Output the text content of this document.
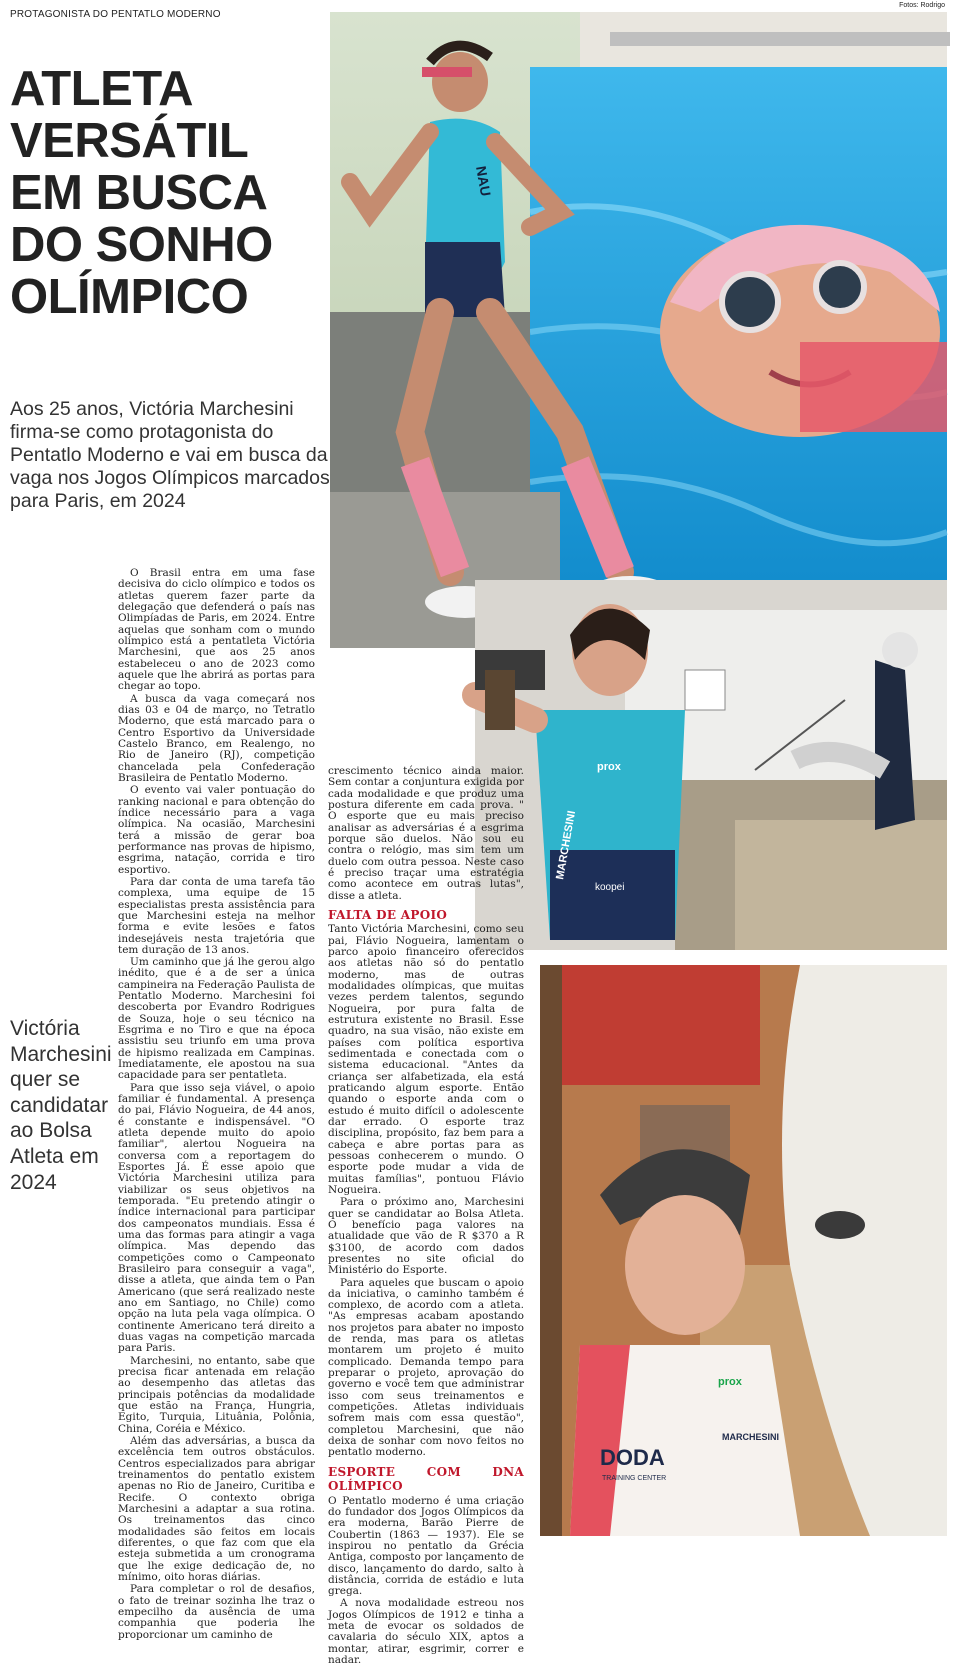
PROTAGONISTA DO PENTATLO MODERNO
Fotos: Rodrigo
ATLETA
VERSÁTIL
EM BUSCA
DO SONHO
OLÍMPICO
Aos 25 anos, Victória Marchesini firma-se como protagonista do Pentatlo Moderno e vai em busca da vaga nos Jogos Olímpicos marcados para Paris, em 2024
NAU
MARCHESINI
prox
koopei
DODA
TRAINING CENTER
prox
MARCHESINI
Victória Marchesini quer se candidatar ao Bolsa Atleta em 2024

O Brasil entra em uma fase decisiva do ciclo olímpico e todos os atletas querem fazer parte da delegação que defenderá o país nas Olimpíadas de Paris, em 2024. Entre aquelas que sonham com o mundo olímpico está a pentatleta Victória Marchesini, que aos 25 anos estabeleceu o ano de 2023 como aquele que lhe abrirá as portas para chegar ao topo.

A busca da vaga começará nos dias 03 e 04 de março, no Tetratlo Moderno, que está marcado para o Centro Esportivo da Universidade Castelo Branco, em Realengo, no Rio de Janeiro (RJ), competição chancelada pela Confederação Brasileira de Pentatlo Moderno.

O evento vai valer pontuação do ranking nacional e para obtenção do índice necessário para a vaga olímpica. Na ocasião, Marchesini terá a missão de gerar boa performance nas provas de hipismo, esgrima, natação, corrida e tiro esportivo.

Para dar conta de uma tarefa tão complexa, uma equipe de 15 especialistas presta assistência para que Marchesini esteja na melhor forma e evite lesões e fatos indesejáveis nesta trajetória que tem duração de 13 anos.

Um caminho que já lhe gerou algo inédito, que é a de ser a única campineira na Federação Paulista de Pentatlo Moderno. Marchesini foi descoberta por Evandro Rodrigues de Souza, hoje o seu técnico na Esgrima e no Tiro e que na época assistiu seu triunfo em uma prova de hipismo realizada em Campinas. Imediatamente, ele apostou na sua capacidade para ser pentatleta.

Para que isso seja viável, o apoio familiar é fundamental. A presença do pai, Flávio Nogueira, de 44 anos, é constante e indispensável. "O atleta depende muito do apoio familiar", alertou Nogueira na conversa com a reportagem do Esportes Já. É esse apoio que Victória Marchesini utiliza para viabilizar os seus objetivos na temporada. "Eu pretendo atingir o índice internacional para participar dos campeonatos mundiais. Essa é uma das formas para atingir a vaga olímpica. Mas dependo das competições como o Campeonato Brasileiro para conseguir a vaga", disse a atleta, que ainda tem o Pan Americano (que será realizado neste ano em Santiago, no Chile) como opção na luta pela vaga olímpica. O continente Americano terá direito a duas vagas na competição marcada para Paris.

Marchesini, no entanto, sabe que precisa ficar antenada em relação ao desempenho das atletas das principais potências da modalidade que estão na França, Hungria, Egito, Turquia, Lituânia, Polônia, China, Coréia e México.

Além das adversárias, a busca da excelência tem outros obstáculos. Centros especializados para abrigar treinamentos do pentatlo existem apenas no Rio de Janeiro, Curitiba e Recife. O contexto obriga Marchesini a adaptar a sua rotina. Os treinamentos das cinco modalidades são feitos em locais diferentes, o que faz com que ela esteja submetida a um cronograma que lhe exige dedicação de, no mínimo, oito horas diárias.

Para completar o rol de desafios, o fato de treinar sozinha lhe traz o empecilho da ausência de uma companhia que poderia lhe proporcionar um caminho de

crescimento técnico ainda maior. Sem contar a conjuntura exigida por cada modalidade e que produz uma postura diferente em cada prova. " O esporte que eu mais preciso analisar as adversárias é a esgrima porque são duelos. Não sou eu contra o relógio, mas sim tem um duelo com outra pessoa. Neste caso é preciso traçar uma estratégia como acontece em outras lutas", disse a atleta.

FALTA DE APOIO

Tanto Victória Marchesini, como seu pai, Flávio Nogueira, lamentam o parco apoio financeiro oferecidos aos atletas não só do pentatlo moderno, mas de outras modalidades olímpicas, que muitas vezes perdem talentos, segundo Nogueira, por pura falta de estrutura existente no Brasil. Esse quadro, na sua visão, não existe em países com política esportiva sedimentada e conectada com o sistema educacional. "Antes da criança ser alfabetizada, ela está praticando algum esporte. Então quando o esporte anda com o estudo é muito difícil o adolescente dar errado. O esporte traz disciplina, propósito, faz bem para a cabeça e abre portas para as pessoas conhecerem o mundo. O esporte pode mudar a vida de muitas famílias", pontuou Flávio Nogueira.

Para o próximo ano, Marchesini quer se candidatar ao Bolsa Atleta. O benefício paga valores na atualidade que vão de R $370 a R $3100, de acordo com dados presentes no site oficial do Ministério do Esporte.

Para aqueles que buscam o apoio da iniciativa, o caminho também é complexo, de acordo com a atleta. "As empresas acabam apostando nos projetos para abater no imposto de renda, mas para os atletas montarem um projeto é muito complicado. Demanda tempo para preparar o projeto, aprovação do governo e você tem que administrar isso com seus treinamentos e competições. Atletas individuais sofrem mais com essa questão", completou Marchesini, que não deixa de sonhar com novo feitos no pentatlo moderno.

ESPORTE COM DNA OLÍMPICO

O Pentatlo moderno é uma criação do fundador dos Jogos Olímpicos da era moderna, Barão Pierre de Coubertin (1863 — 1937). Ele se inspirou no pentatlo da Grécia Antiga, composto por lançamento de disco, lançamento do dardo, salto à distância, corrida de estádio e luta grega.

A nova modalidade estreou nos Jogos Olímpicos de 1912 e tinha a meta de evocar os soldados de cavalaria do século XIX, aptos a montar, atirar, esgrimir, correr e nadar.
